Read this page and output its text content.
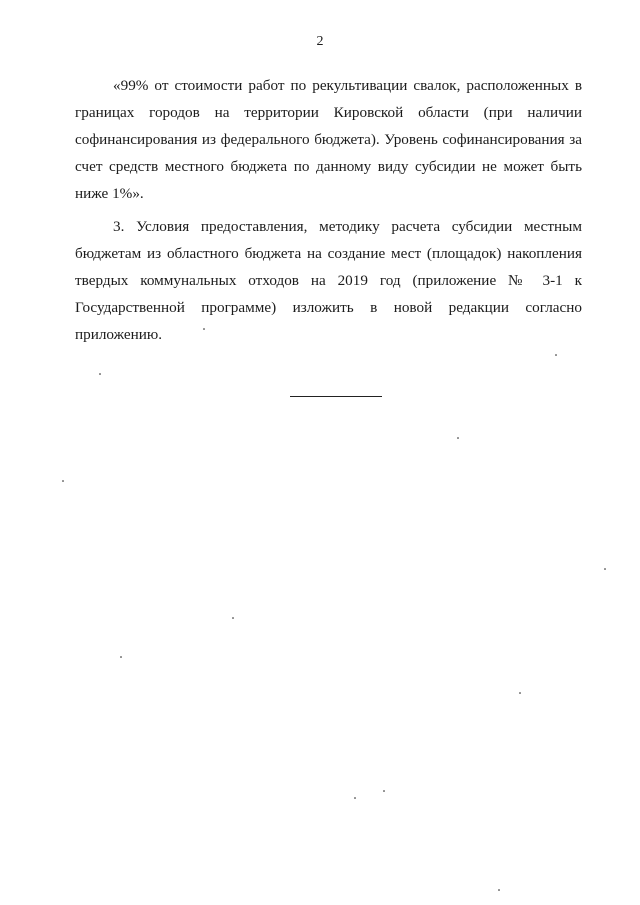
2

«99% от стоимости работ по рекультивации свалок, расположенных в границах городов на территории Кировской области (при наличии софинансирования из федерального бюджета). Уровень софинансирования за счет средств местного бюджета по данному виду субсидии не может быть ниже 1%».

3. Условия предоставления, методику расчета субсидии местным бюджетам из областного бюджета на создание мест (площадок) накопления твердых коммунальных отходов на 2019 год (приложение № 3-1 к Государственной программе) изложить в новой редакции согласно приложению.
